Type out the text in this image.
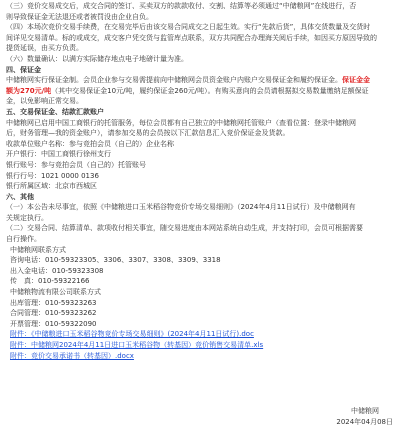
（三）竞价交易成交后，成交合同的签订、买卖双方的款款收付、交割、结算等必须通过“中储粮网”在线进行，否

则导致保证金无法退还或者被罚没由企业自负。

（四）本场次竞价交易手续费，在交易完毕后由该交易合同成交之日起生效。实行“先款后货”，具体交货数量及交货时

间详见交易清单。标的或成交，成交客户凭交货与监管库点联系，双方共同配合办理海关阅后手续，如因买方原因导致的

提货延误，由买方负责。

（六）数量确认：以满方实际储存地点电子地磅计量为准。

四、保证金

中储粮网实行保证金制。会员企业参与交易需提前向中储粮网会员资金账户内账户交易保证金和履约保证金。保证金金

额为270元/吨（其中交易保证金10元/吨，履约保证金260元/吨）。有购买意向的会员请根据拟交易数量缴纳足额保证

金，以免影响正常交易。

五、交易保证金、结款汇款账户

中储粮网已启用中国工商银行的托管服务，每位会员都有自己独立的中储粮网托管账户（查看位置：登录中储粮网

后，财务管理—我的资金账户），请参加交易的会员按以下汇款信息汇入竞价保证金及货款。

收款单位账户名称：参与竞拍会员（自己的）企业名称

开户银行：中国工商银行徐州支行

银行账号：参与竞拍会员（自己的）托管账号

银行行号：1021 0000 0136

银行所属区域：北京市西城区

六、其他

（一）本公告未尽事宜，依照《中储粮进口玉米稻谷物竞价专场交易细则》（2024年4月11日试行）及中储粮网有

关规定执行。

（二）交易合同、结算清单、款项收付相关事宜，随交易进度由本网站系统自动生成，并支持打印，会员可根据需要

自行操作。

中储粮网联系方式

咨询电话：010-59323305、3306、3307、3308、3309、3318

出入金电话：010-59323308

传　真：010-59322166

中储粮物流有限公司联系方式

出库管理：010-59323263

合同管理：010-59323262

开票管理：010-59322090

附件：《中储粮进口玉米稻谷物竞价专场交易细则》(2024年4月11日试行).doc

附件：中储粮网2024年4月11日进口玉米稻谷物（转基因）竞价销售交易清单.xls

附件：竞价交易承诺书（转基因）.docx

中储粮网

2024年04月08日
